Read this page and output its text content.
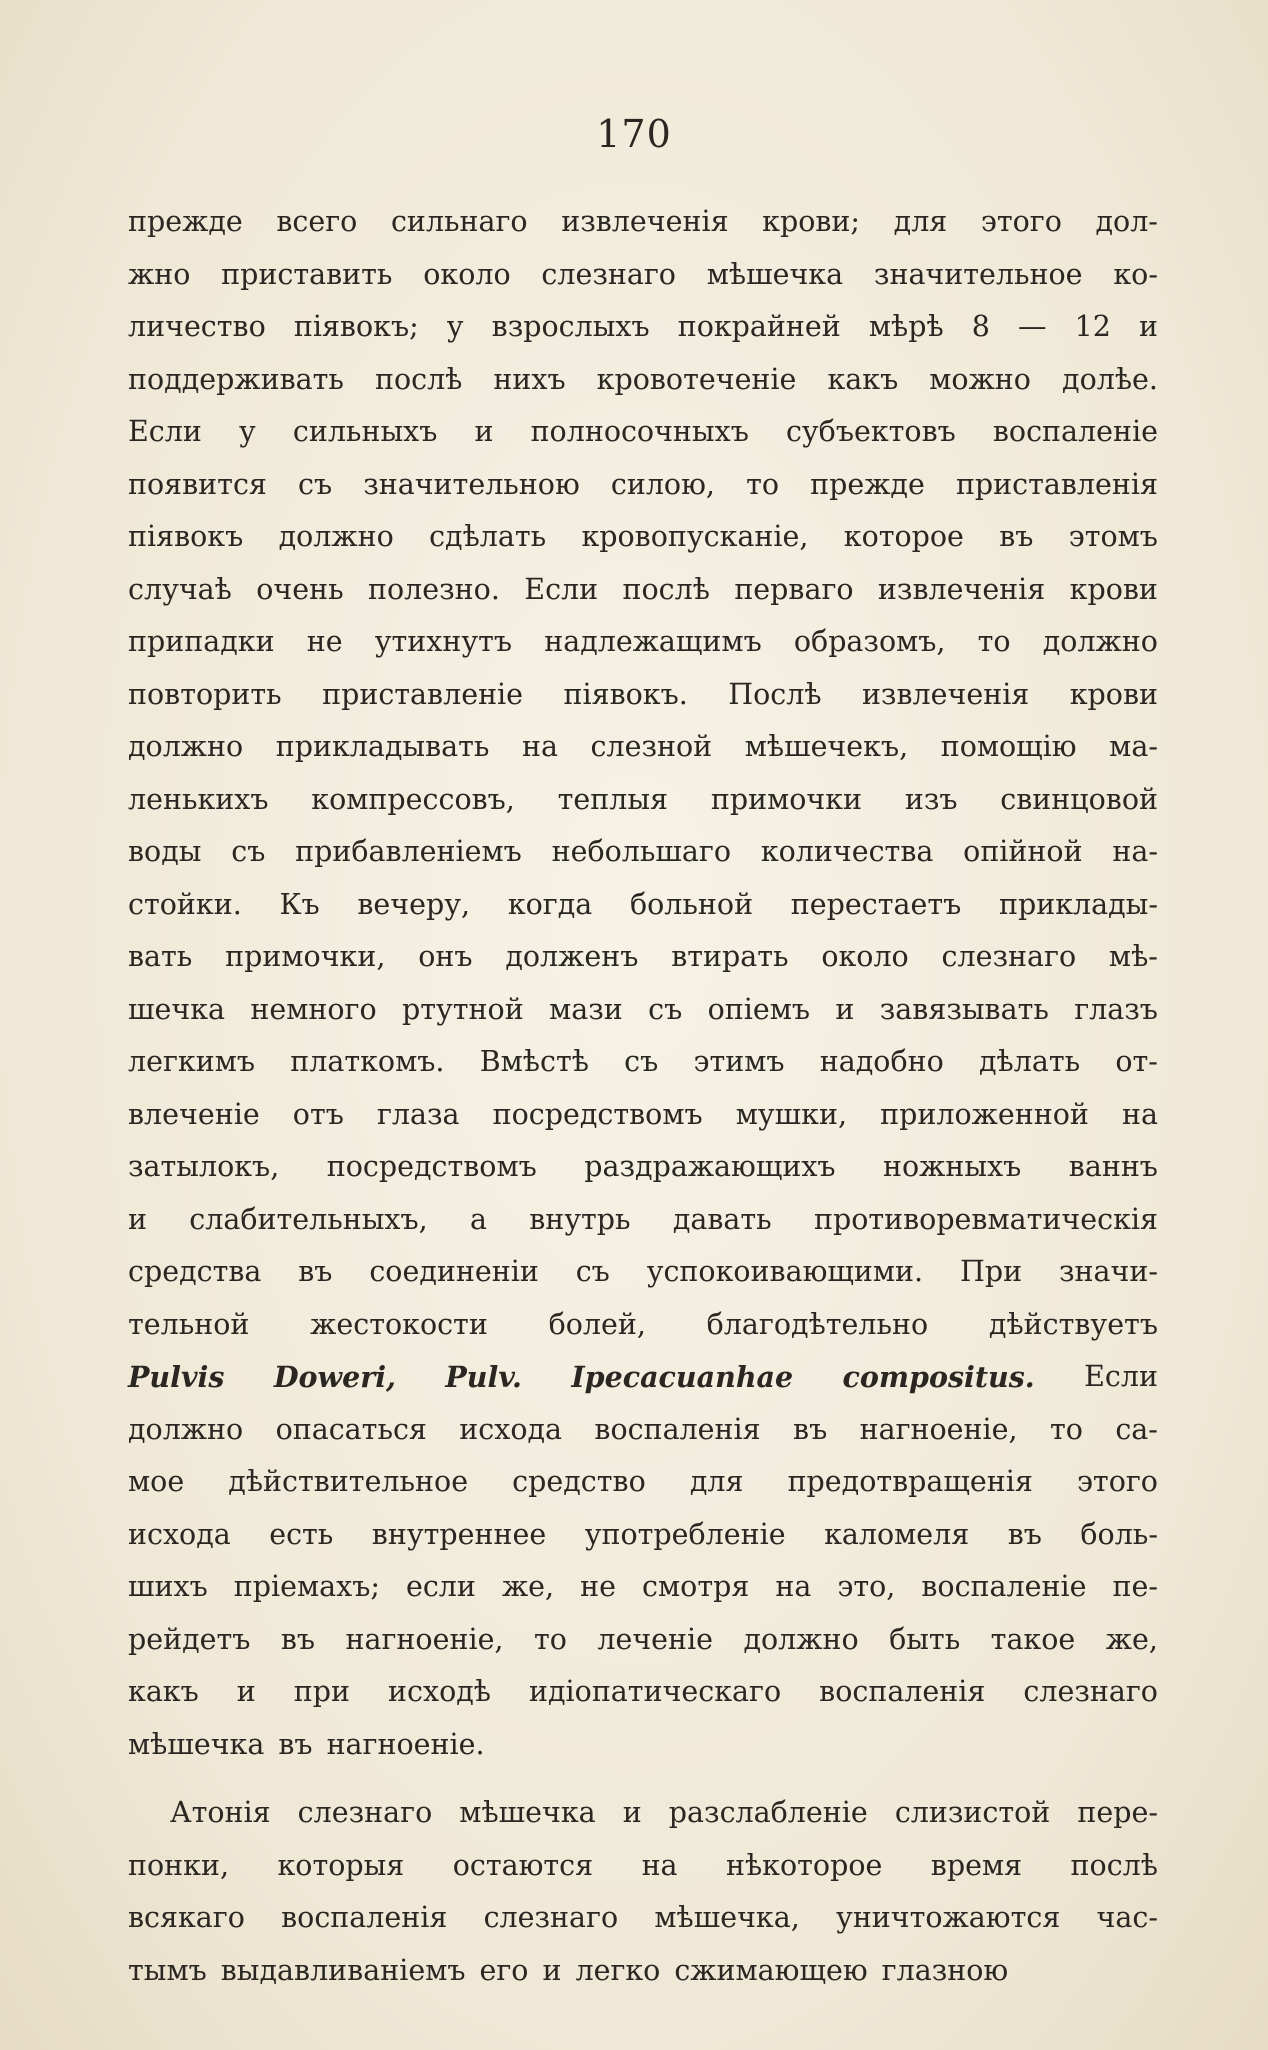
170
прежде всего сильнаго извлеченія крови; для этого дол-
жно приставить около слезнаго мѣшечка значительное ко-
личество піявокъ; у взрослыхъ покрайней мѣрѣ 8 — 12 и
поддерживать послѣ нихъ кровотеченіе какъ можно долѣе.
Если у сильныхъ и полносочныхъ субъектовъ воспаленіе
появится съ значительною силою, то прежде приставленія
піявокъ должно сдѣлать кровопусканіе, которое въ этомъ
случаѣ очень полезно. Если послѣ перваго извлеченія крови
припадки не утихнутъ надлежащимъ образомъ, то должно
повторить приставленіе піявокъ. Послѣ извлеченія крови
должно прикладывать на слезной мѣшечекъ, помощію ма-
ленькихъ компрессовъ, теплыя примочки изъ свинцовой
воды съ прибавленіемъ небольшаго количества опійной на-
стойки. Къ вечеру, когда больной перестаетъ приклады-
вать примочки, онъ долженъ втирать около слезнаго мѣ-
шечка немного ртутной мази съ опіемъ и завязывать глазъ
легкимъ платкомъ. Вмѣстѣ съ этимъ надобно дѣлать от-
влеченіе отъ глаза посредствомъ мушки, приложенной на
затылокъ, посредствомъ раздражающихъ ножныхъ ваннъ
и слабительныхъ, а внутрь давать противоревматическія
средства въ соединеніи съ успокоивающими. При значи-
тельной жестокости болей, благодѣтельно дѣйствуетъ
Pulvis Doweri, Pulv. Ipecacuanhae compositus. Если
должно опасаться исхода воспаленія въ нагноеніе, то са-
мое дѣйствительное средство для предотвращенія этого
исхода есть внутреннее употребленіе каломеля въ боль-
шихъ пріемахъ; если же, не смотря на это, воспаленіе пе-
рейдетъ въ нагноеніе, то леченіе должно быть такое же,
какъ и при исходѣ идіопатическаго воспаленія слезнаго
мѣшечка въ нагноеніе.
Атонія слезнаго мѣшечка и разслабленіе слизистой пере-
понки, которыя остаются на нѣкоторое время послѣ
всякаго воспаленія слезнаго мѣшечка, уничтожаются час-
тымъ выдавливаніемъ его и легко сжимающею глазною
